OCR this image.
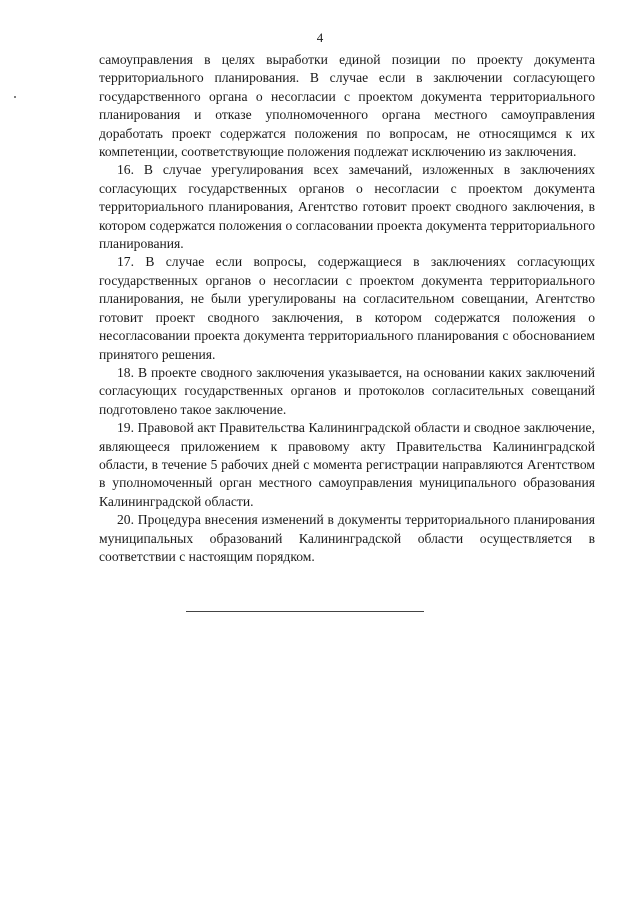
4

самоуправления в целях выработки единой позиции по проекту документа территориального планирования. В случае если в заключении согласующего государственного органа о несогласии с проектом документа территориального планирования и отказе уполномоченного органа местного самоуправления доработать проект содержатся положения по вопросам, не относящимся к их компетенции, соответствующие положения подлежат исключению из заключения.

16. В случае урегулирования всех замечаний, изложенных в заключениях согласующих государственных органов о несогласии с проектом документа территориального планирования, Агентство готовит проект сводного заключения, в котором содержатся положения о согласовании проекта документа территориального планирования.

17. В случае если вопросы, содержащиеся в заключениях согласующих государственных органов о несогласии с проектом документа территориального планирования, не были урегулированы на согласительном совещании, Агентство готовит проект сводного заключения, в котором содержатся положения о несогласовании проекта документа территориального планирования с обоснованием принятого решения.

18. В проекте сводного заключения указывается, на основании каких заключений согласующих государственных органов и протоколов согласительных совещаний подготовлено такое заключение.

19. Правовой акт Правительства Калининградской области и сводное заключение, являющееся приложением к правовому акту Правительства Калининградской области, в течение 5 рабочих дней с момента регистрации направляются Агентством в уполномоченный орган местного самоуправления муниципального образования Калининградской области.

20. Процедура внесения изменений в документы территориального планирования муниципальных образований Калининградской области осуществляется в соответствии с настоящим порядком.
